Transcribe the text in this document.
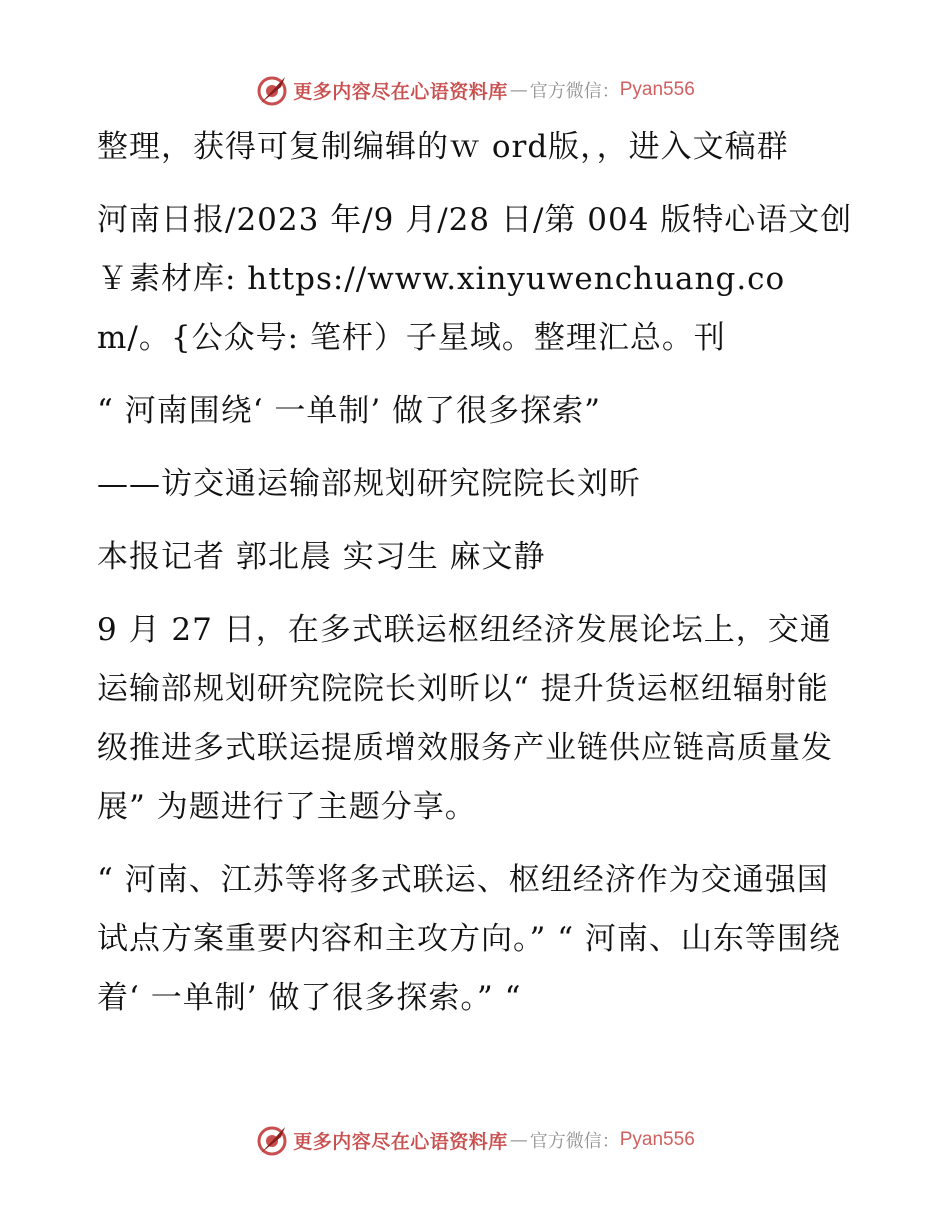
更多内容尽在心语资料库 — 官方微信： Pyan556

整理，获得可复制编辑的ｗ ord版，，进入文稿群

河南日报/2023 年/9 月/28 日/第 004 版特心语文创￥素材库: https://www.xinyuwenchuang.com/。{公众号: 笔杆）子星域。整理汇总。刊

“ 河南围绕‘ 一单制’ 做了很多探索”

——访交通运输部规划研究院院长刘昕

本报记者 郭北晨 实习生 麻文静

9 月 27 日，在多式联运枢纽经济发展论坛上，交通运输部规划研究院院长刘昕以“ 提升货运枢纽辐射能级推进多式联运提质增效服务产业链供应链高质量发展” 为题进行了主题分享。

“ 河南、江苏等将多式联运、枢纽经济作为交通强国试点方案重要内容和主攻方向。” “ 河南、山东等围绕着‘ 一单制’ 做了很多探索。” “

更多内容尽在心语资料库 — 官方微信： Pyan556
